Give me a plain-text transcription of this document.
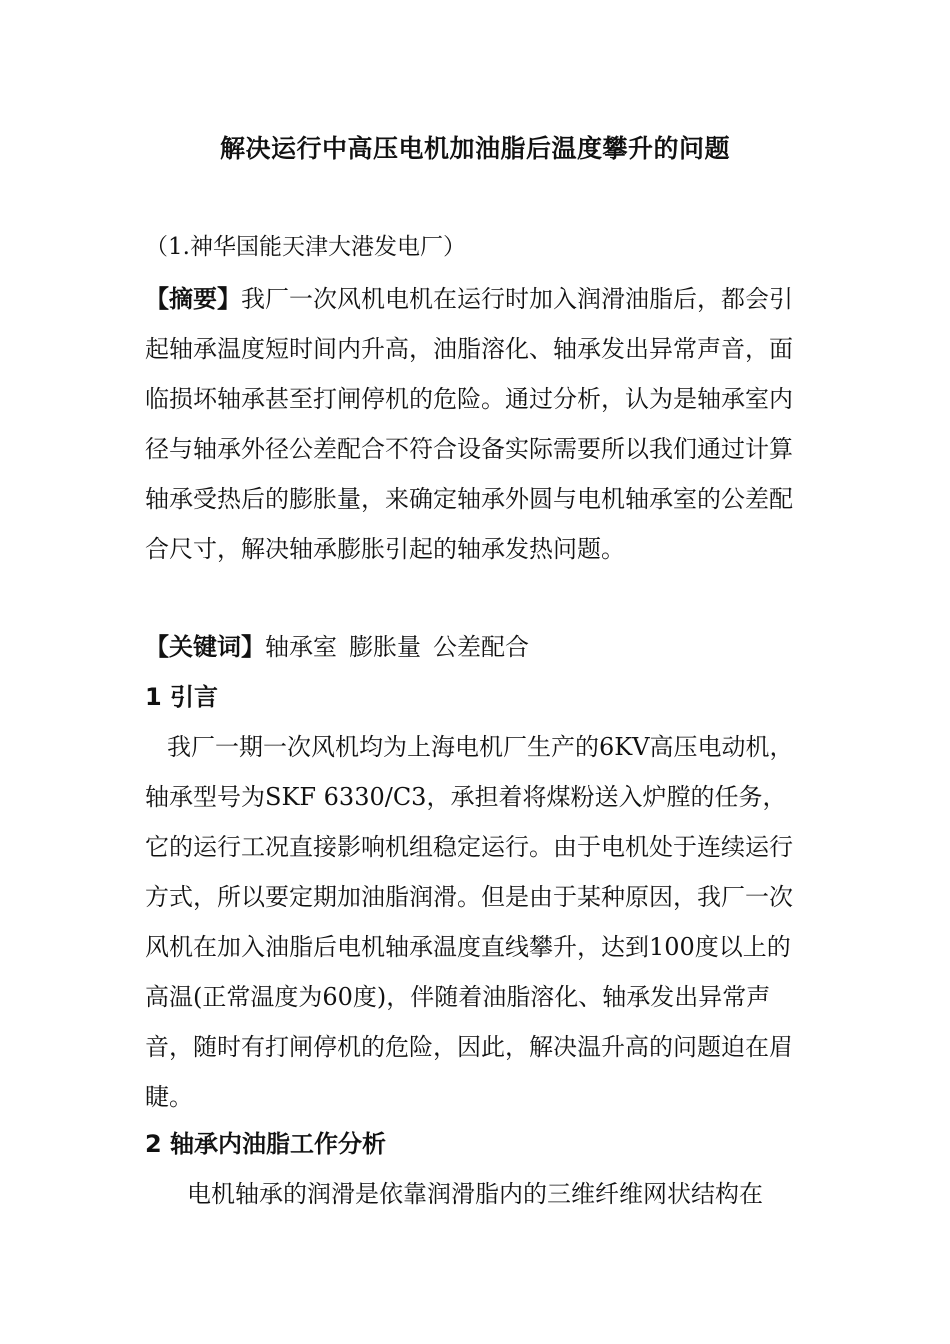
解决运行中高压电机加油脂后温度攀升的问题
（1.神华国能天津大港发电厂）
【摘要】我厂一次风机电机在运行时加入润滑油脂后，都会引起轴承温度短时间内升高，油脂溶化、轴承发出异常声音，面临损坏轴承甚至打闸停机的危险。通过分析，认为是轴承室内径与轴承外径公差配合不符合设备实际需要所以我们通过计算轴承受热后的膨胀量，来确定轴承外圆与电机轴承室的公差配合尺寸，解决轴承膨胀引起的轴承发热问题。
【关键词】轴承室 膨胀量 公差配合
1 引言
我厂一期一次风机均为上海电机厂生产的6KV高压电动机，轴承型号为SKF 6330/C3，承担着将煤粉送入炉膛的任务，它的运行工况直接影响机组稳定运行。由于电机处于连续运行方式，所以要定期加油脂润滑。但是由于某种原因，我厂一次风机在加入油脂后电机轴承温度直线攀升，达到100度以上的高温(正常温度为60度)，伴随着油脂溶化、轴承发出异常声音，随时有打闸停机的危险，因此，解决温升高的问题迫在眉睫。
2 轴承内油脂工作分析
电机轴承的润滑是依靠润滑脂内的三维纤维网状结构在
